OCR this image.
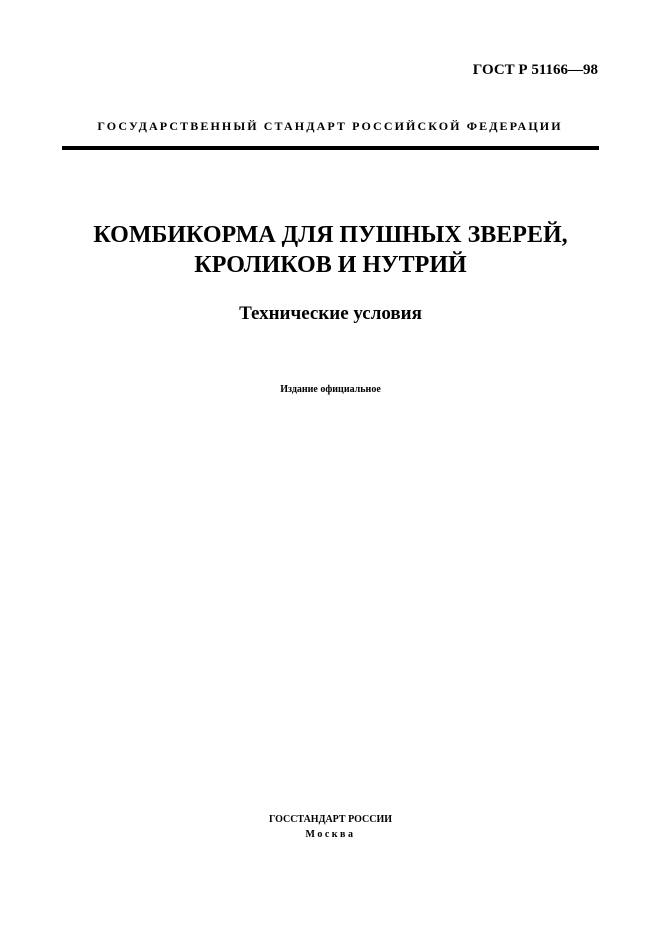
ГОСТ Р 51166—98
ГОСУДАРСТВЕННЫЙ СТАНДАРТ РОССИЙСКОЙ ФЕДЕРАЦИИ
КОМБИКОРМА ДЛЯ ПУШНЫХ ЗВЕРЕЙ,
КРОЛИКОВ И НУТРИЙ
Технические условия
Издание официальное
ГОССТАНДАРТ РОССИИ
Москва
